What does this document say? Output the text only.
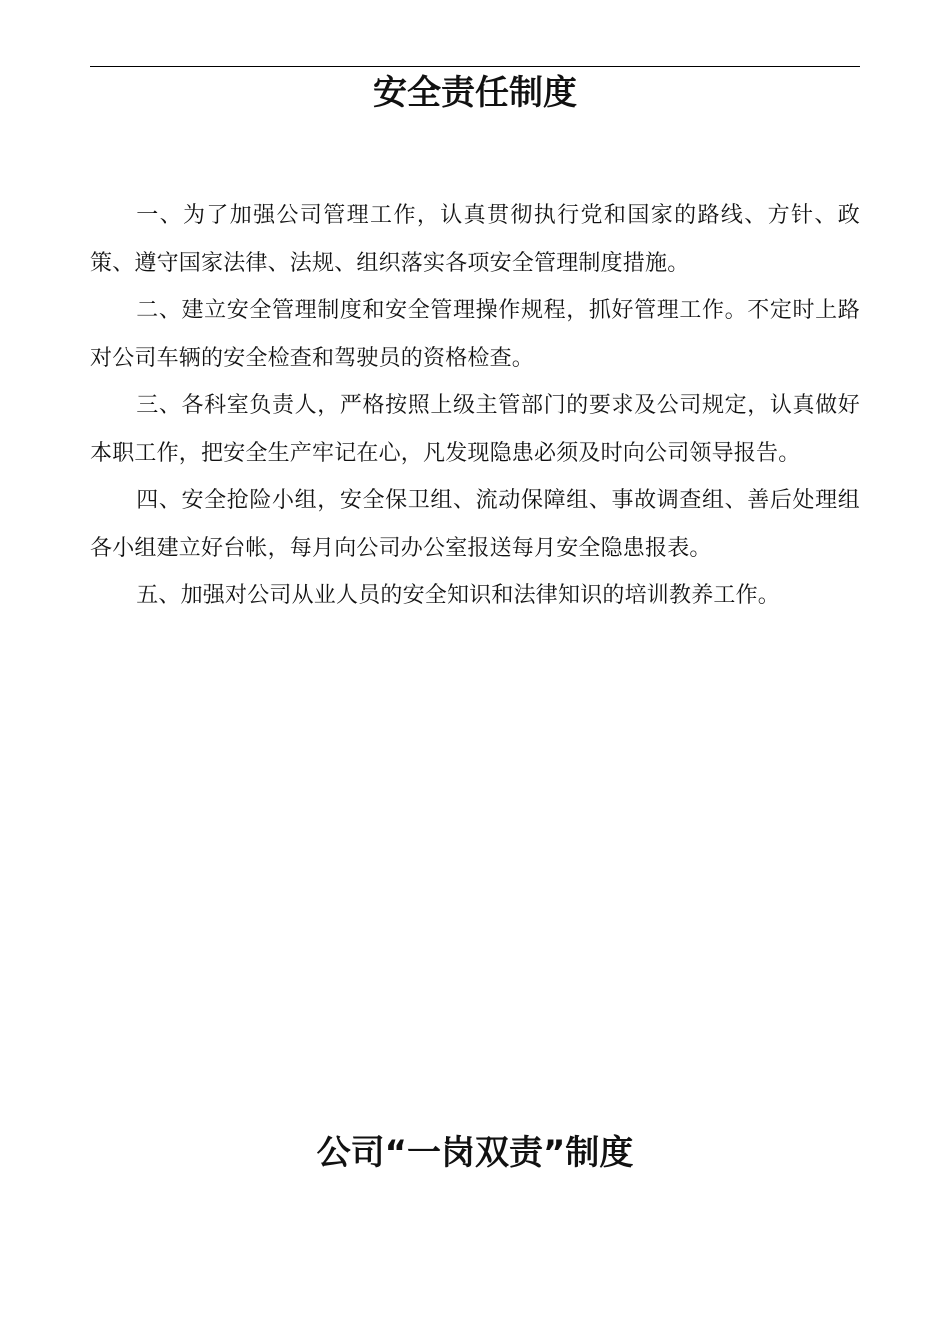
安全责任制度

一、为了加强公司管理工作，认真贯彻执行党和国家的路线、方针、政策、遵守国家法律、法规、组织落实各项安全管理制度措施。

二、建立安全管理制度和安全管理操作规程，抓好管理工作。不定时上路对公司车辆的安全检查和驾驶员的资格检查。

三、各科室负责人，严格按照上级主管部门的要求及公司规定，认真做好本职工作，把安全生产牢记在心，凡发现隐患必须及时向公司领导报告。

四、安全抢险小组，安全保卫组、流动保障组、事故调查组、善后处理组各小组建立好台帐，每月向公司办公室报送每月安全隐患报表。

五、加强对公司从业人员的安全知识和法律知识的培训教养工作。

公司“一岗双责”制度
